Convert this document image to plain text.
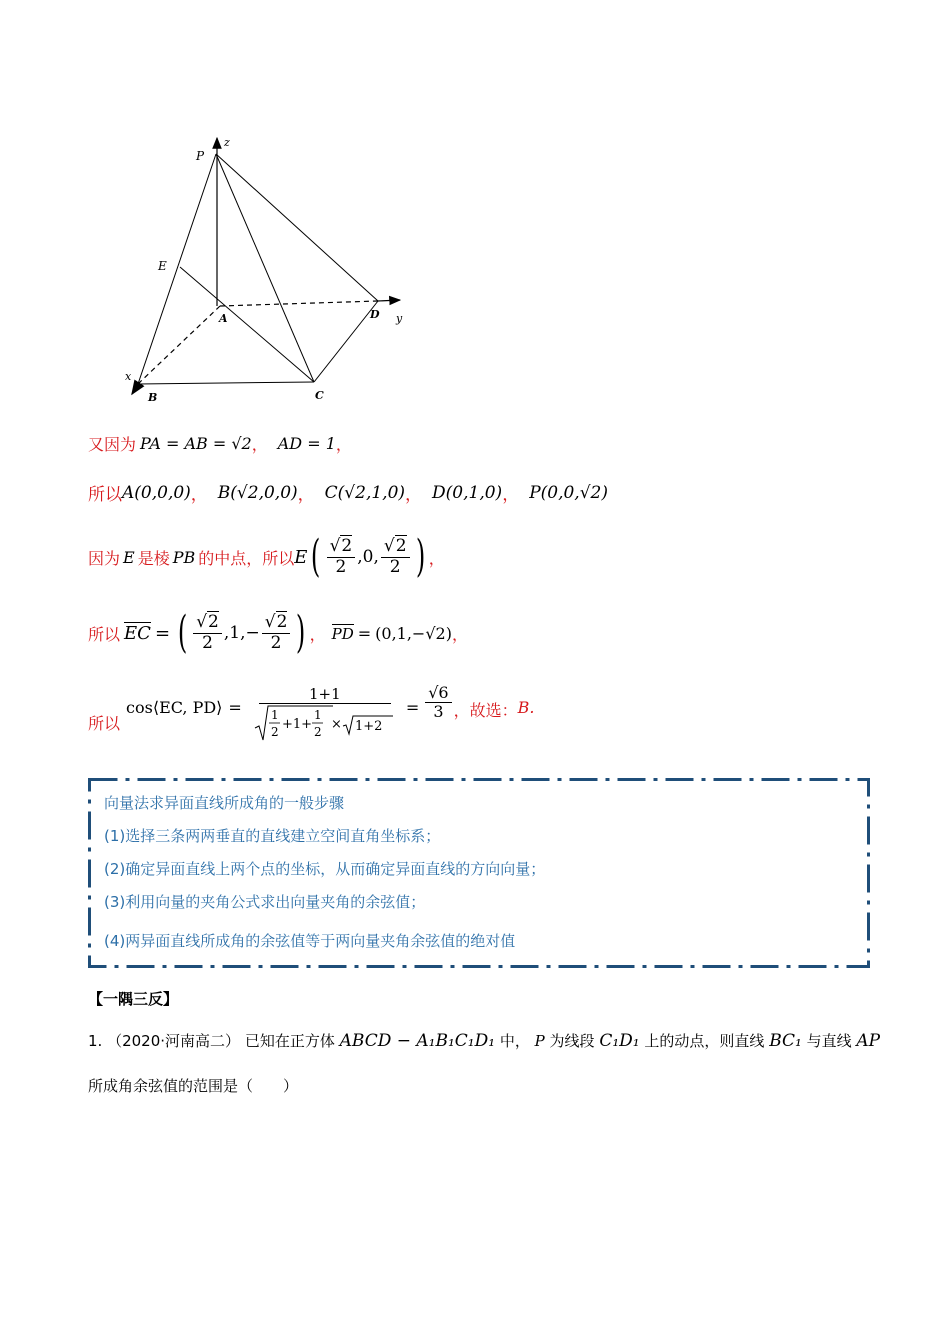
P
z
E
A	D y
x
B	C
又因为 PA = AB = √2 ， AD = 1 ，
所以 A(0,0,0) ， B(√2,0,0) ， C(√2,1,0) ， D(0,1,0) ， P(0,0,√2)
因为 E 是棱 PB 的中点，所以 E ( $\frac{√2}{2} ,0$, $\frac{√2}{2}$ ) ，
所以 EC = ( $\frac{√2}{2} ,1,- \frac{√2}{2}$ ) ， PD = (0,1,−√2) ，
所以
cos⟨EC, PD⟩ =
1+1
1
2 +1+
1
2 × 1+2
= $\frac{√6}{3}$ ，故选： B.
向量法求异面直线所成角的一般步骤
(1)选择三条两两垂直的直线建立空间直角坐标系；
(2)确定异面直线上两个点的坐标，从而确定异面直线的方向向量；
(3)利用向量的夹角公式求出向量夹角的余弦值；
(4)两异面直线所成角的余弦值等于两向量夹角余弦值的绝对值
【一隅三反】
1. （2020·河南高二） 已知在正方体 ABCD − A₁B₁C₁D₁ 中， P 为线段 C₁D₁ 上的动点，则直线 BC₁ 与直线 AP
所成角余弦值的范围是（　　）
